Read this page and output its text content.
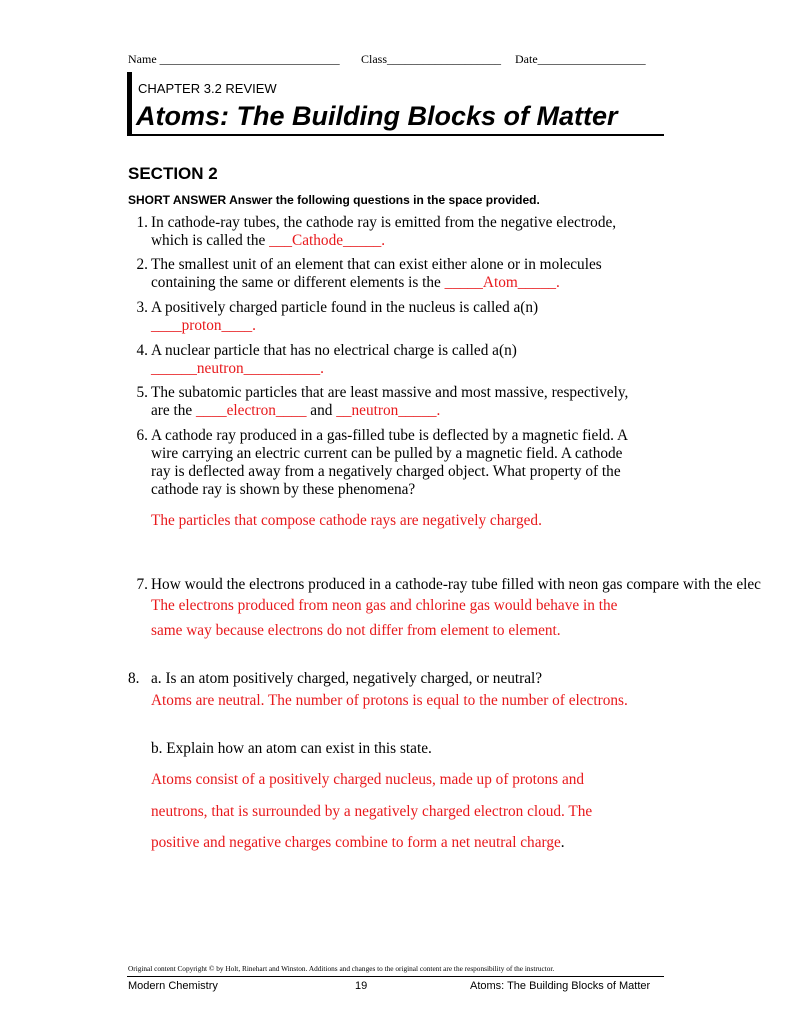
Name ______________________________ Class___________________ Date__________________
CHAPTER 3.2 REVIEW
Atoms: The Building Blocks of Matter
SECTION 2
SHORT ANSWER Answer the following questions in the space provided.
1. In cathode-ray tubes, the cathode ray is emitted from the negative electrode,
which is called the ___Cathode_____.
2. The smallest unit of an element that can exist either alone or in molecules
containing the same or different elements is the _____Atom_____.
3. A positively charged particle found in the nucleus is called a(n)
____proton____.
4. A nuclear particle that has no electrical charge is called a(n)
______neutron__________.
5. The subatomic particles that are least massive and most massive, respectively,
are the ____electron____ and __neutron_____.
6. A cathode ray produced in a gas-filled tube is deflected by a magnetic field. A
wire carrying an electric current can be pulled by a magnetic field. A cathode
ray is deflected away from a negatively charged object. What property of the
cathode ray is shown by these phenomena?
The particles that compose cathode rays are negatively charged.
7. How would the electrons produced in a cathode-ray tube filled with neon gas compare with the elec
The electrons produced from neon gas and chlorine gas would behave in the
same way because electrons do not differ from element to element.
8. a. Is an atom positively charged, negatively charged, or neutral?
Atoms are neutral. The number of protons is equal to the number of electrons.
b. Explain how an atom can exist in this state.
Atoms consist of a positively charged nucleus, made up of protons and
neutrons, that is surrounded by a negatively charged electron cloud. The
positive and negative charges combine to form a net neutral charge.
Original content Copyright © by Holt, Rinehart and Winston. Additions and changes to the original content are the responsibility of the instructor.
Modern Chemistry	19	Atoms: The Building Blocks of Matter
